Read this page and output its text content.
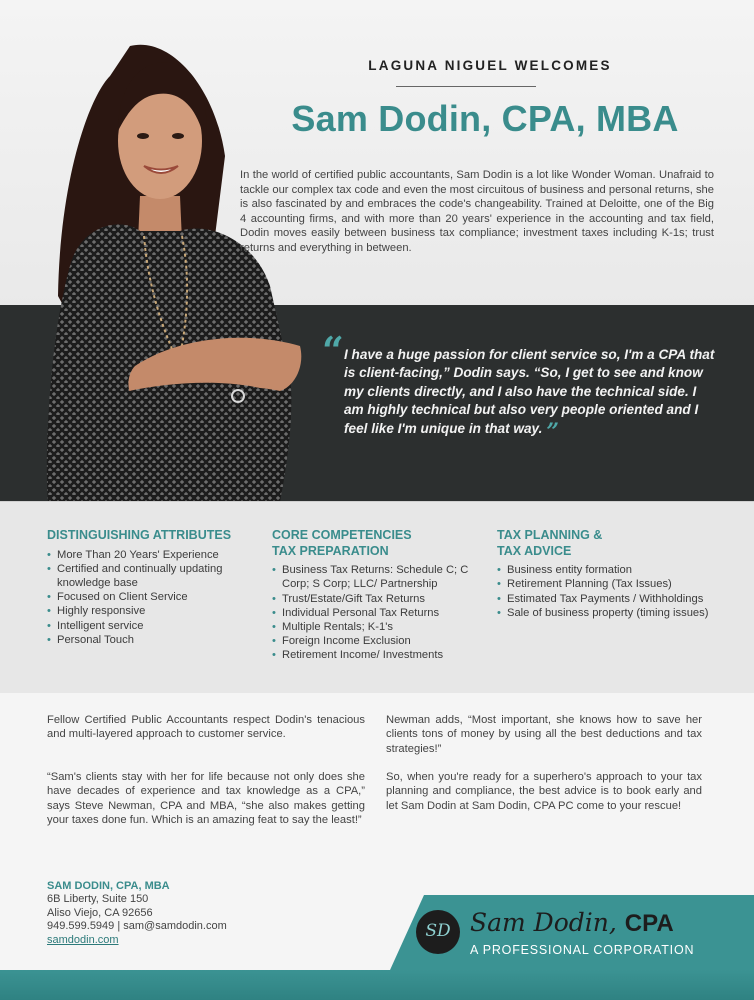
LAGUNA NIGUEL WELCOMES
Sam Dodin, CPA, MBA

In the world of certified public accountants, Sam Dodin is a lot like Wonder Woman. Unafraid to tackle our complex tax code and even the most circuitous of business and personal returns, she is also fascinated by and embraces the code's changeability. Trained at Deloitte, one of the Big 4 accounting firms, and with more than 20 years' experience in the accounting and tax field, Dodin moves easily between business tax compliance; investment taxes including K-1s; trust returns and everything in between.

“ I have a huge passion for client service so, I'm a CPA that is client-facing,” Dodin says. “So, I get to see and know my clients directly, and I also have the technical side. I am highly technical but also very people oriented and I feel like I'm unique in that way. ”

DISTINGUISHING ATTRIBUTES
• More Than 20 Years' Experience
• Certified and continually updating knowledge base
• Focused on Client Service
• Highly responsive
• Intelligent service
• Personal Touch
CORE COMPETENCIES
TAX PREPARATION
• Business Tax Returns: Schedule C; C Corp; S Corp; LLC/ Partnership
• Trust/Estate/Gift Tax Returns
• Individual Personal Tax Returns
• Multiple Rentals; K-1's
• Foreign Income Exclusion
• Retirement Income/ Investments
TAX PLANNING &
TAX ADVICE
• Business entity formation
• Retirement Planning (Tax Issues)
• Estimated Tax Payments / Withholdings
• Sale of business property (timing issues)

Fellow Certified Public Accountants respect Dodin's tenacious and multi-layered approach to customer service.

“Sam's clients stay with her for life because not only does she have decades of experience and tax knowledge as a CPA,” says Steve Newman, CPA and MBA, “she also makes getting your taxes done fun. Which is an amazing feat to say the least!”

Newman adds, “Most important, she knows how to save her clients tons of money by using all the best deductions and tax strategies!”

So, when you're ready for a superhero's approach to your tax planning and compliance, the best advice is to book early and let Sam Dodin at Sam Dodin, CPA PC come to your rescue!

SAM DODIN, CPA, MBA
6B Liberty, Suite 150
Aliso Viejo, CA 92656
949.599.5949 | sam@samdodin.com
samdodin.com	SD Sam Dodin, CPA
A PROFESSIONAL CORPORATION
